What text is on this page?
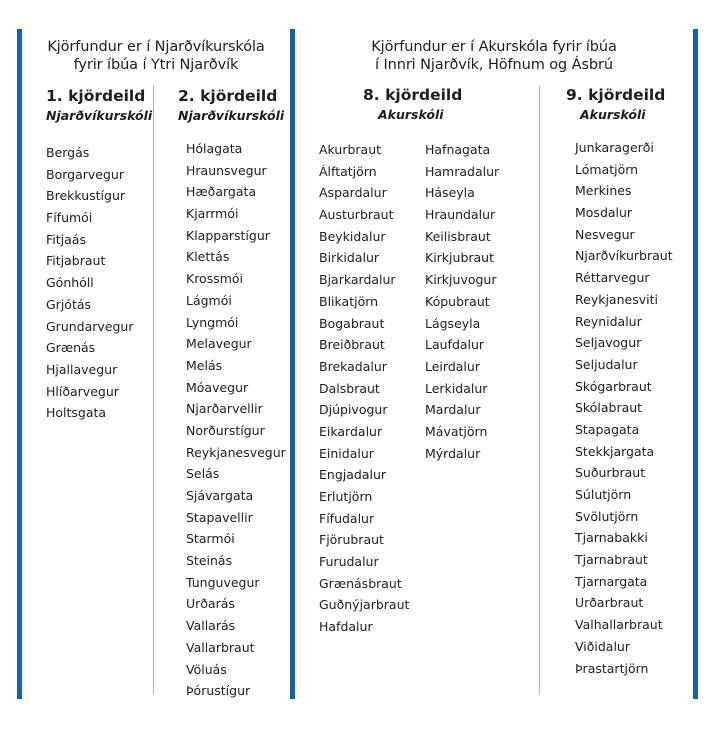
Kjörfundur er í Njarðvíkurskóla
fyrir íbúa í Ytri Njarðvík
Kjörfundur er í Akurskóla fyrir íbúa
í Innri Njarðvík, Höfnum og Ásbrú
1. kjördeild
Njarðvíkurskóli
Bergás
Borgarvegur
Brekkustígur
Fífumói
Fitjaás
Fitjabraut
Gónhóll
Grjótás
Grundarvegur
Grænás
Hjallavegur
Hlíðarvegur
Holtsgata
2. kjördeild
Njarðvíkurskóli
Hólagata
Hraunsvegur
Hæðargata
Kjarrmói
Klapparstígur
Klettás
Krossmói
Lágmói
Lyngmói
Melavegur
Melás
Móavegur
Njarðarvellir
Norðurstígur
Reykjanesvegur
Selás
Sjávargata
Stapavellir
Starmói
Steinás
Tunguvegur
Urðarás
Vallarás
Vallarbraut
Völuás
Þórustígur
8. kjördeild
Akurskóli
Akurbraut
Álftatjörn
Aspardalur
Austurbraut
Beykidalur
Birkidalur
Bjarkardalur
Blikatjörn
Bogabraut
Breiðbraut
Brekadalur
Dalsbraut
Djúpivogur
Eikardalur
Einidalur
Engjadalur
Erlutjörn
Fífudalur
Fjörubraut
Furudalur
Grænásbraut
Guðnýjarbraut
Hafdalur
Hafnagata
Hamradalur
Háseyla
Hraundalur
Keilisbraut
Kirkjubraut
Kirkjuvogur
Kópubraut
Lágseyla
Laufdalur
Leirdalur
Lerkidalur
Mardalur
Mávatjörn
Mýrdalur
9. kjördeild
Akurskóli
Junkaragerði
Lómatjörn
Merkines
Mosdalur
Nesvegur
Njarðvíkurbraut
Réttarvegur
Reykjanesviti
Reynidalur
Seljavogur
Seljudalur
Skógarbraut
Skólabraut
Stapagata
Stekkjargata
Suðurbraut
Súlutjörn
Svölutjörn
Tjarnabakki
Tjarnabraut
Tjarnargata
Urðarbraut
Valhallarbraut
Viðidalur
Þrastartjörn
